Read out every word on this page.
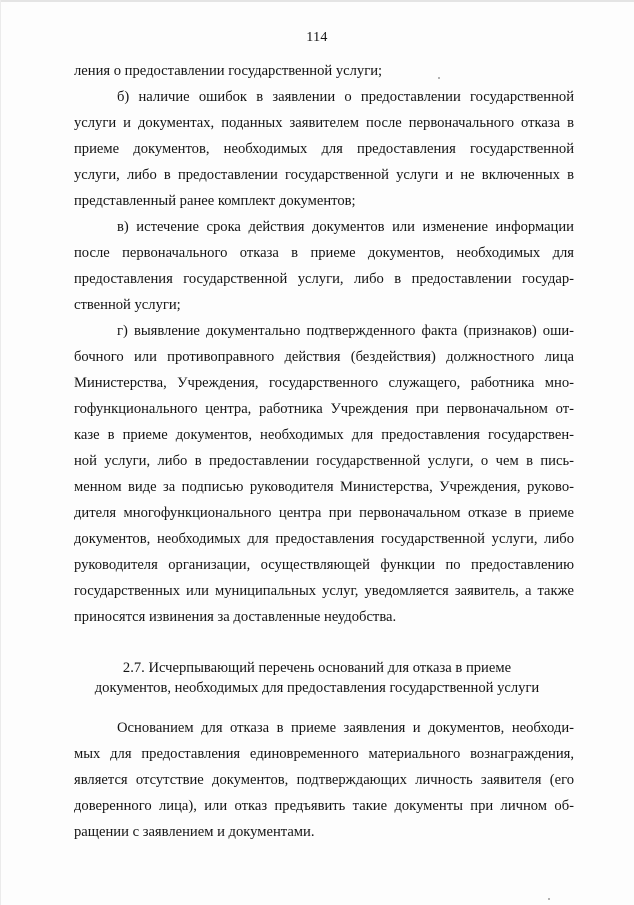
114
ления о предоставлении государственной услуги;
б) наличие ошибок в заявлении о предоставлении государственной
услуги и документах, поданных заявителем после первоначального отказа в
приеме документов, необходимых для предоставления государственной
услуги, либо в предоставлении государственной услуги и не включенных в
представленный ранее комплект документов;
в) истечение срока действия документов или изменение информации
после первоначального отказа в приеме документов, необходимых для
предоставления государственной услуги, либо в предоставлении государ-
ственной услуги;
г) выявление документально подтвержденного факта (признаков) оши-
бочного или противоправного действия (бездействия) должностного лица
Министерства, Учреждения, государственного служащего, работника мно-
гофункционального центра, работника Учреждения при первоначальном от-
казе в приеме документов, необходимых для предоставления государствен-
ной услуги, либо в предоставлении государственной услуги, о чем в пись-
менном виде за подписью руководителя Министерства, Учреждения, руково-
дителя многофункционального центра при первоначальном отказе в приеме
документов, необходимых для предоставления государственной услуги, либо
руководителя организации, осуществляющей функции по предоставлению
государственных или муниципальных услуг, уведомляется заявитель, а также
приносятся извинения за доставленные неудобства.
2.7. Исчерпывающий перечень оснований для отказа в приеме
документов, необходимых для предоставления государственной услуги
Основанием для отказа в приеме заявления и документов, необходи-
мых для предоставления единовременного материального вознаграждения,
является отсутствие документов, подтверждающих личность заявителя (его
доверенного лица), или отказ предъявить такие документы при личном об-
ращении с заявлением и документами.
